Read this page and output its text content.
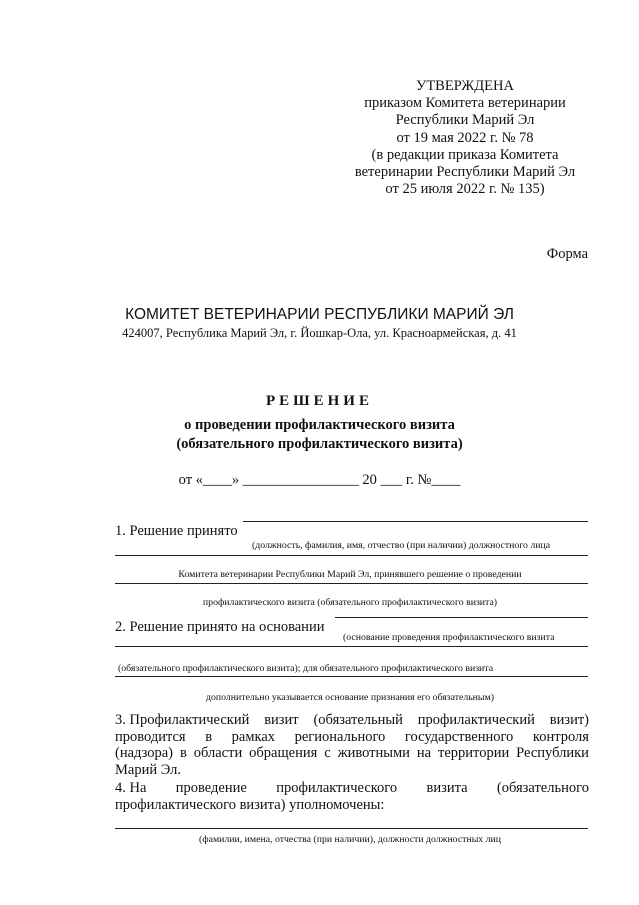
УТВЕРЖДЕНА
приказом Комитета ветеринарии
Республики Марий Эл
от 19 мая 2022 г. № 78
(в редакции приказа Комитета
ветеринарии Республики Марий Эл
от 25 июля 2022 г. № 135)
Форма
КОМИТЕТ ВЕТЕРИНАРИИ РЕСПУБЛИКИ МАРИЙ ЭЛ
424007, Республика Марий Эл, г. Йошкар-Ола, ул. Красноармейская, д. 41
РЕШЕНИЕ
о проведении профилактического визита
(обязательного профилактического визита)
от «____» ________________ 20 ___ г. №____
1. Решение принято
(должность, фамилия, имя, отчество (при наличии) должностного лица
Комитета ветеринарии Республики Марий Эл, принявшего решение о проведении
профилактического визита (обязательного профилактического визита)
2. Решение принято на основании
(основание проведения профилактического визита
(обязательного профилактического визита); для обязательного профилактического визита
дополнительно указывается основание признания его обязательным)
3. Профилактический визит (обязательный профилактический визит)
проводится в рамках регионального государственного контроля
(надзора) в области обращения с животными на территории Республики
Марий Эл.
4. На проведение профилактического визита (обязательного
профилактического визита) уполномочены:
(фамилии, имена, отчества (при наличии), должности должностных лиц
